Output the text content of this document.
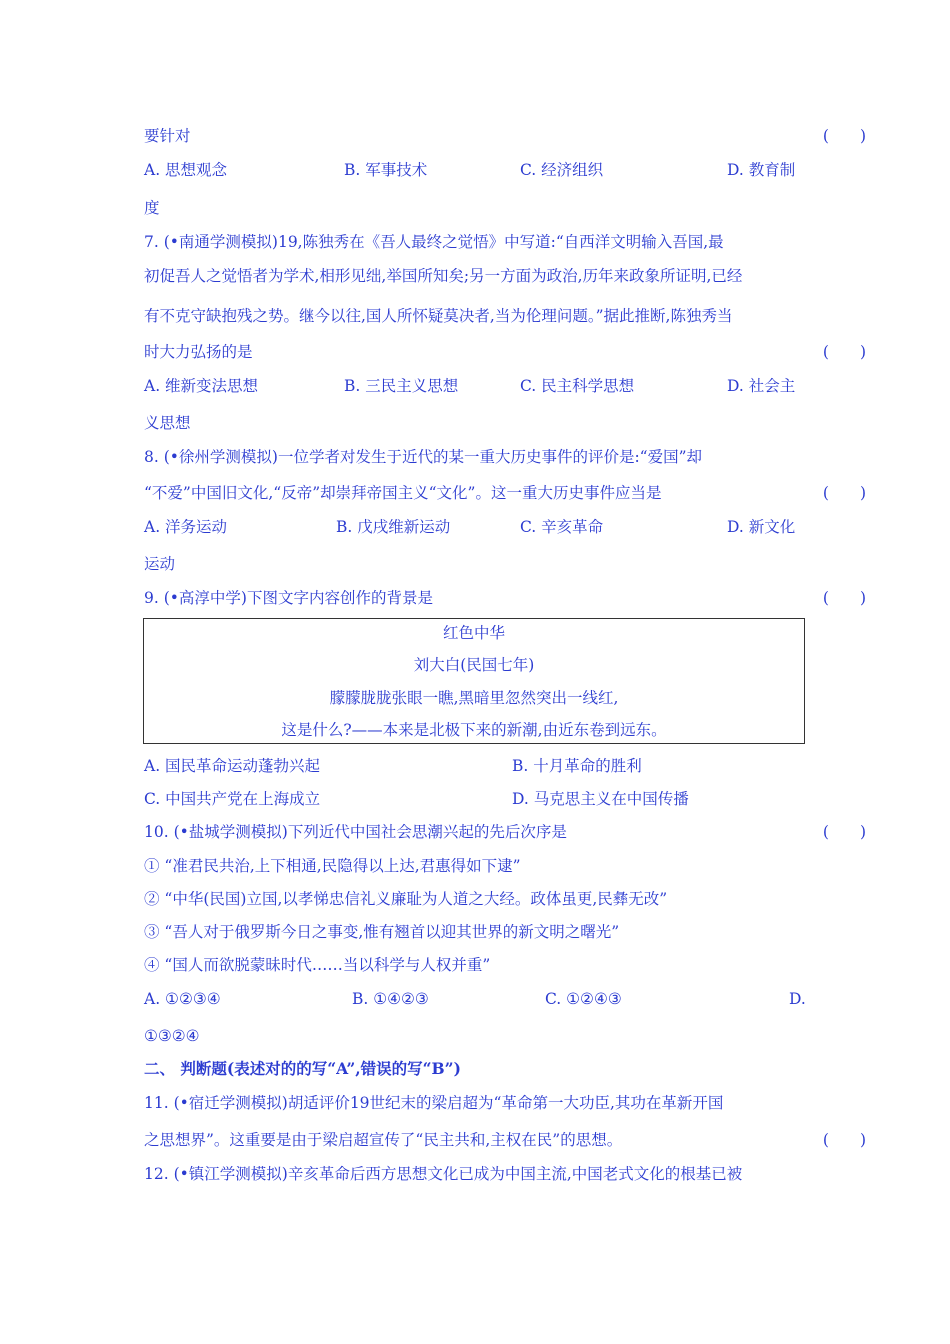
要针对	(　　)
A. 思想观念	B. 军事技术	C. 经济组织	D. 教育制
度
7. (•南通学测模拟)19,陈独秀在《吾人最终之觉悟》中写道:“自西洋文明输入吾国,最
初促吾人之觉悟者为学术,相形见绌,举国所知矣;另一方面为政治,历年来政象所证明,已经
有不克守缺抱残之势。继今以往,国人所怀疑莫决者,当为伦理问题。”据此推断,陈独秀当
时大力弘扬的是	(　　)
A. 维新变法思想	B. 三民主义思想	C. 民主科学思想	D. 社会主
义思想
8. (•徐州学测模拟)一位学者对发生于近代的某一重大历史事件的评价是:“爱国”却
“不爱”中国旧文化,“反帝”却崇拜帝国主义“文化”。这一重大历史事件应当是	(　　)
A. 洋务运动	B. 戊戌维新运动	C. 辛亥革命	D. 新文化
运动
9. (•高淳中学)下图文字内容创作的背景是	(　　)
红色中华
刘大白(民国七年)
朦朦胧胧张眼一瞧,黑暗里忽然突出一线红,
这是什么?——本来是北极下来的新潮,由近东卷到远东。
A. 国民革命运动蓬勃兴起	B. 十月革命的胜利
C. 中国共产党在上海成立	D. 马克思主义在中国传播
10. (•盐城学测模拟)下列近代中国社会思潮兴起的先后次序是	(　　)
① “准君民共治,上下相通,民隐得以上达,君惠得如下逮”
② “中华(民国)立国,以孝悌忠信礼义廉耻为人道之大经。政体虽更,民彝无改”
③ “吾人对于俄罗斯今日之事变,惟有翘首以迎其世界的新文明之曙光”
④ “国人而欲脱蒙昧时代……当以科学与人权并重”
A. ①②③④	B. ①④②③	C. ①②④③	D.
①③②④
二、 判断题(表述对的的写“A”,错误的写“B”)
11. (•宿迁学测模拟)胡适评价19世纪末的梁启超为“革命第一大功臣,其功在革新开国
之思想界”。这重要是由于梁启超宣传了“民主共和,主权在民”的思想。	(　　)
12. (•镇江学测模拟)辛亥革命后西方思想文化已成为中国主流,中国老式文化的根基已被
